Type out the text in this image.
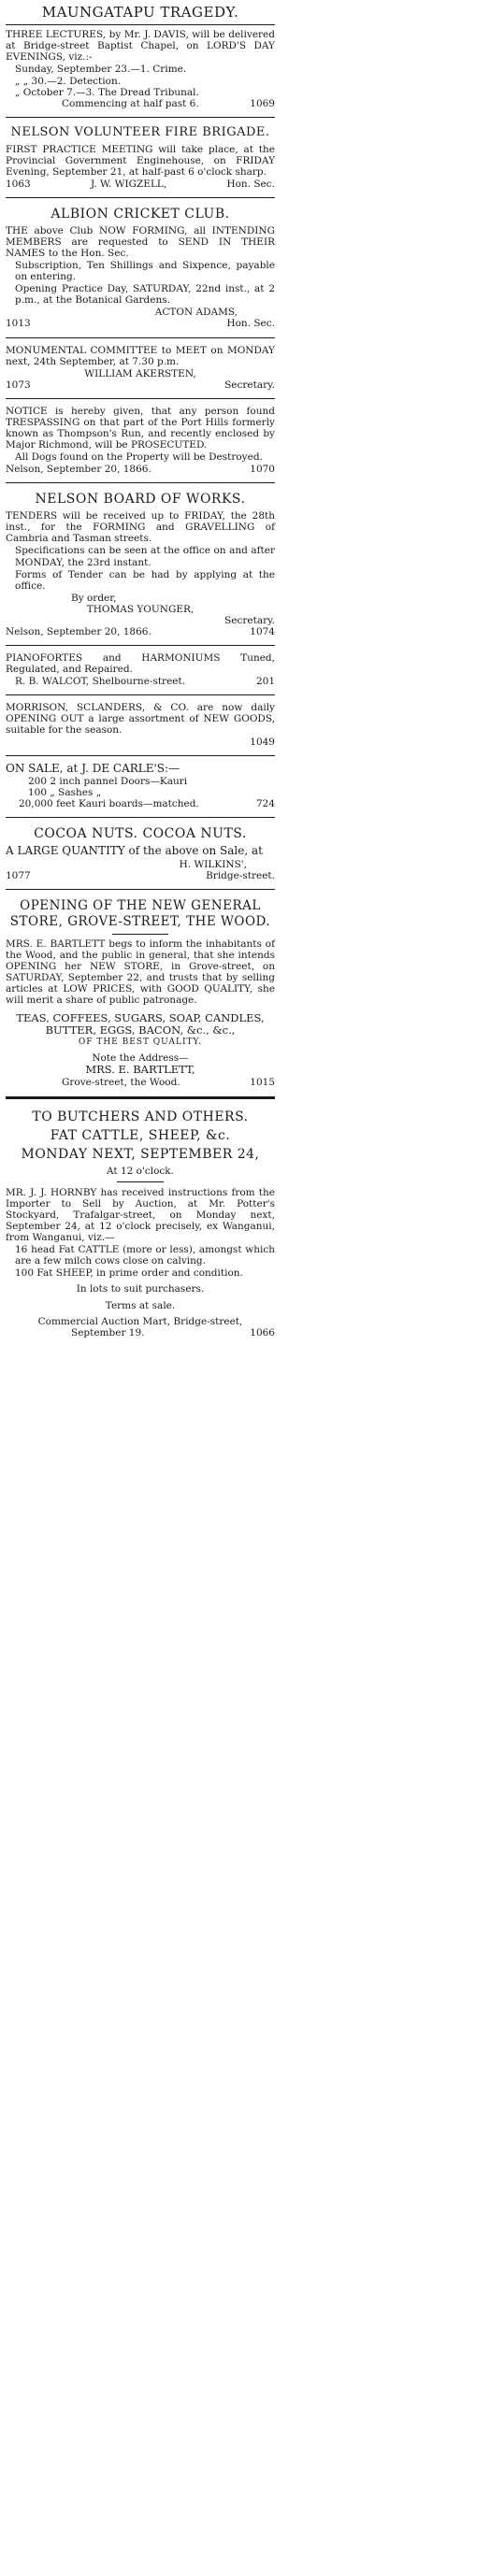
MAUNGATAPU TRAGEDY.

THREE LECTURES, by Mr. J. DAVIS, will be delivered at Bridge-street Baptist Chapel, on LORD'S DAY EVENINGS, viz.:-

Sunday, September 23.—1. Crime.
„ „ 30.—2. Detection.
„ October 7.—3. The Dread Tribunal.
Commencing at half past 6.	1069
NELSON VOLUNTEER FIRE BRIGADE.

FIRST PRACTICE MEETING will take place, at the Provincial Government Enginehouse, on FRIDAY Evening, September 21, at half-past 6 o'clock sharp.

1063	J. W. WIGZELL,	Hon. Sec.
ALBION CRICKET CLUB.

THE above Club NOW FORMING, all INTENDING MEMBERS are requested to SEND IN THEIR NAMES to the Hon. Sec.

Subscription, Ten Shillings and Sixpence, payable on entering.

Opening Practice Day, SATURDAY, 22nd inst., at 2 p.m., at the Botanical Gardens.

ACTON ADAMS,
1013	Hon. Sec.

MONUMENTAL COMMITTEE to MEET on MONDAY next, 24th September, at 7.30 p.m.

WILLIAM AKERSTEN,
1073	Secretary.

NOTICE is hereby given, that any person found TRESPASSING on that part of the Port Hills formerly known as Thompson's Run, and recently enclosed by Major Richmond, will be PROSECUTED.

All Dogs found on the Property will be Destroyed.

Nelson, September 20, 1866.	1070
NELSON BOARD OF WORKS.

TENDERS will be received up to FRIDAY, the 28th inst., for the FORMING and GRAVELLING of Cambria and Tasman streets.

Specifications can be seen at the office on and after MONDAY, the 23rd instant.

Forms of Tender can be had by applying at the office.

By order,
THOMAS YOUNGER,
Secretary.
Nelson, September 20, 1866.	1074

PIANOFORTES and HARMONIUMS Tuned, Regulated, and Repaired.

R. B. WALCOT, Shelbourne-street.	201

MORRISON, SCLANDERS, & CO. are now daily OPENING OUT a large assortment of NEW GOODS, suitable for the season.

1049
ON SALE, at J. DE CARLE'S:—
200 2 inch pannel Doors—Kauri
100 „ Sashes „
20,000 feet Kauri boards—matched.	724
COCOA NUTS. COCOA NUTS.

A LARGE QUANTITY of the above on Sale, at

H. WILKINS',
1077	Bridge-street.
OPENING OF THE NEW GENERAL STORE, GROVE-STREET, THE WOOD.

MRS. E. BARTLETT begs to inform the inhabitants of the Wood, and the public in general, that she intends OPENING her NEW STORE, in Grove-street, on SATURDAY, September 22, and trusts that by selling articles at LOW PRICES, with GOOD QUALITY, she will merit a share of public patronage.

TEAS, COFFEES, SUGARS, SOAP, CANDLES, BUTTER, EGGS, BACON, &c., &c.,

OF THE BEST QUALITY.
Note the Address—
MRS. E. BARTLETT,
Grove-street, the Wood.	1015
TO BUTCHERS AND OTHERS.
FAT CATTLE, SHEEP, &c.
MONDAY NEXT, SEPTEMBER 24,
At 12 o'clock.

MR. J. J. HORNBY has received instructions from the Importer to Sell by Auction, at Mr. Potter's Stockyard, Trafalgar-street, on Monday next, September 24, at 12 o'clock precisely, ex Wanganui, from Wanganui, viz.—

16 head Fat CATTLE (more or less), amongst which are a few milch cows close on calving.

100 Fat SHEEP, in prime order and condition.

In lots to suit purchasers.
Terms at sale.
Commercial Auction Mart, Bridge-street,
September 19.	1066
